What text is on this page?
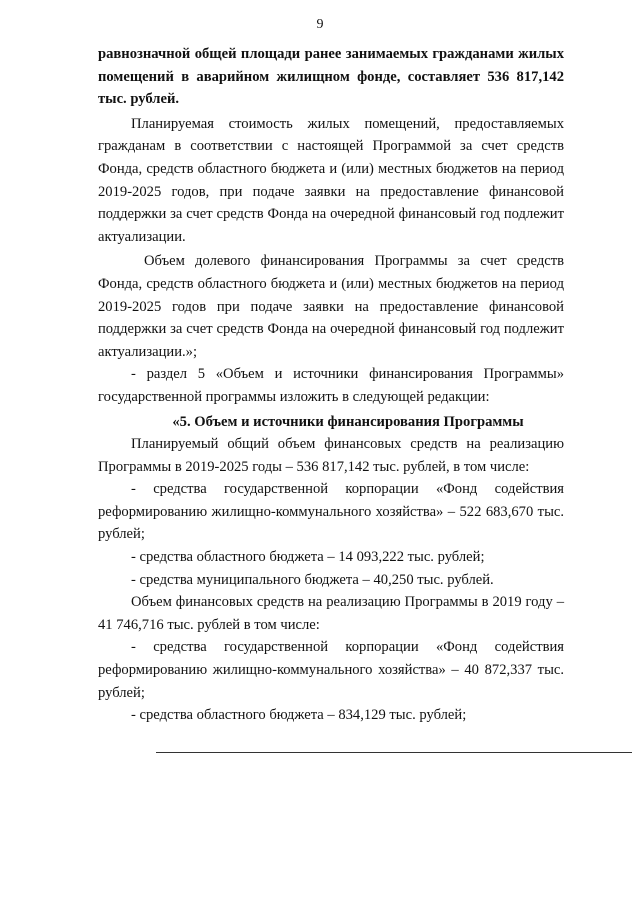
9

равнозначной общей площади ранее занимаемых гражданами жилых помещений в аварийном жилищном фонде, составляет 536 817,142 тыс. рублей.

Планируемая стоимость жилых помещений, предоставляемых гражданам в соответствии с настоящей Программой за счет средств Фонда, средств областного бюджета и (или) местных бюджетов на период 2019-2025 годов, при подаче заявки на предоставление финансовой поддержки за счет средств Фонда на очередной финансовый год подлежит актуализации.

Объем долевого финансирования Программы за счет средств Фонда, средств областного бюджета и (или) местных бюджетов на период 2019-2025 годов при подаче заявки на предоставление финансовой поддержки за счет средств Фонда на очередной финансовый год подлежит актуализации.»;

- раздел 5 «Объем и источники финансирования Программы» государственной программы изложить в следующей редакции:

«5. Объем и источники финансирования Программы

Планируемый общий объем финансовых средств на реализацию Программы в 2019-2025 годы – 536 817,142 тыс. рублей, в том числе:

- средства государственной корпорации «Фонд содействия реформированию жилищно-коммунального хозяйства» – 522 683,670 тыс. рублей;

- средства областного бюджета – 14 093,222 тыс. рублей;

- средства муниципального бюджета – 40,250 тыс. рублей.

Объем финансовых средств на реализацию Программы в 2019 году – 41 746,716 тыс. рублей в том числе:

- средства государственной корпорации «Фонд содействия реформированию жилищно-коммунального хозяйства» – 40 872,337 тыс. рублей;

- средства областного бюджета – 834,129 тыс. рублей;
